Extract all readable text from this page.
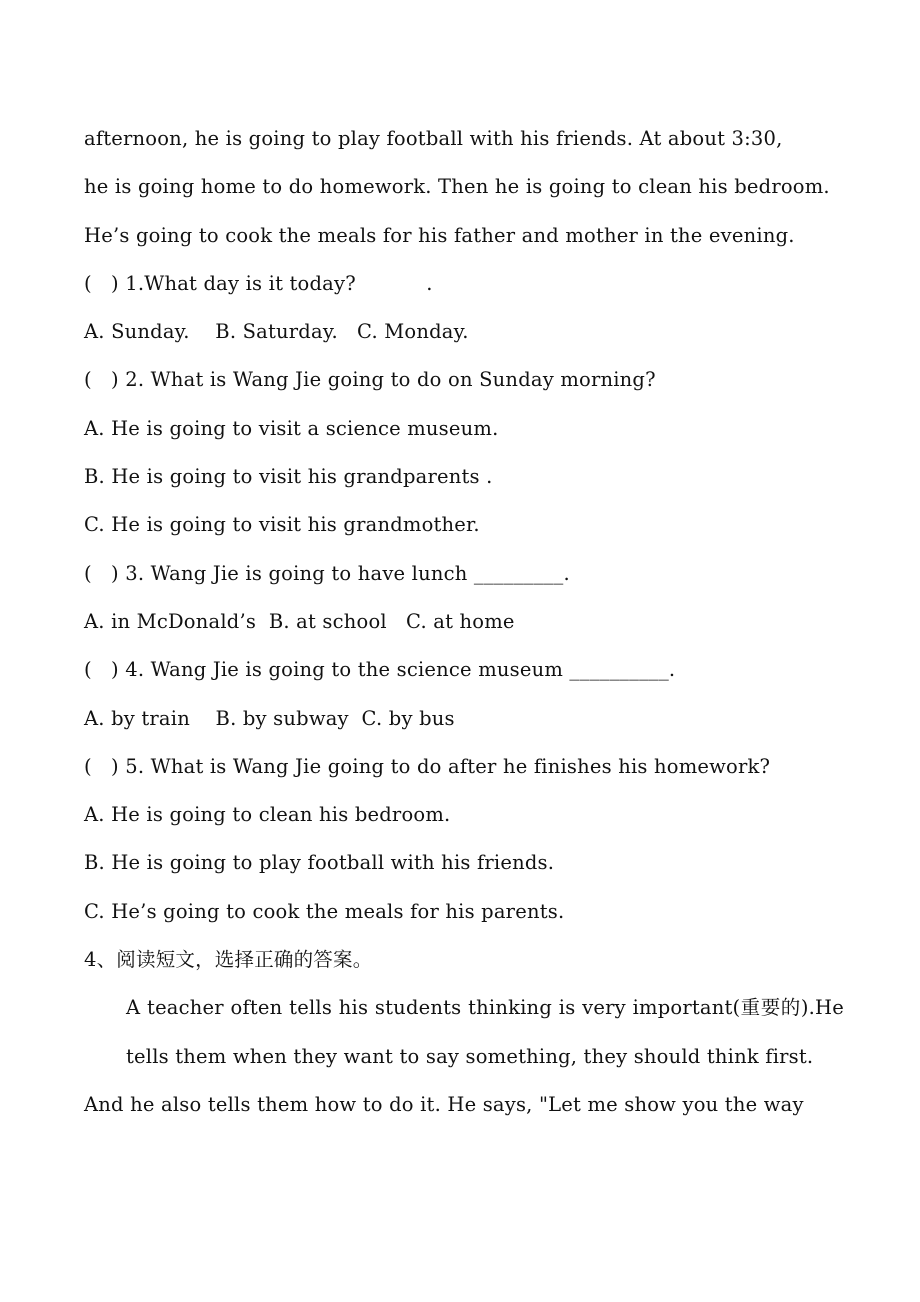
afternoon, he is going to play football with his friends. At about 3:30,
he is going home to do homework. Then he is going to clean his bedroom.
He’s going to cook the meals for his father and mother in the evening.
(   ) 1.What day is it today?           .
A. Sunday.    B. Saturday.   C. Monday.
(   ) 2. What is Wang Jie going to do on Sunday morning?
A. He is going to visit a science museum.
B. He is going to visit his grandparents .
C. He is going to visit his grandmother.
(   ) 3. Wang Jie is going to have lunch _________.
A. in McDonald’s  B. at school   C. at home
(   ) 4. Wang Jie is going to the science museum __________.
A. by train    B. by subway  C. by bus
(   ) 5. What is Wang Jie going to do after he finishes his homework?
A. He is going to clean his bedroom.
B. He is going to play football with his friends.
C. He’s going to cook the meals for his parents.
4、阅读短文，选择正确的答案。
A teacher often tells his students thinking is very important(重要的).He tells them when they want to say something, they should think first.
And he also tells them how to do it. He says, "Let me show you the way
